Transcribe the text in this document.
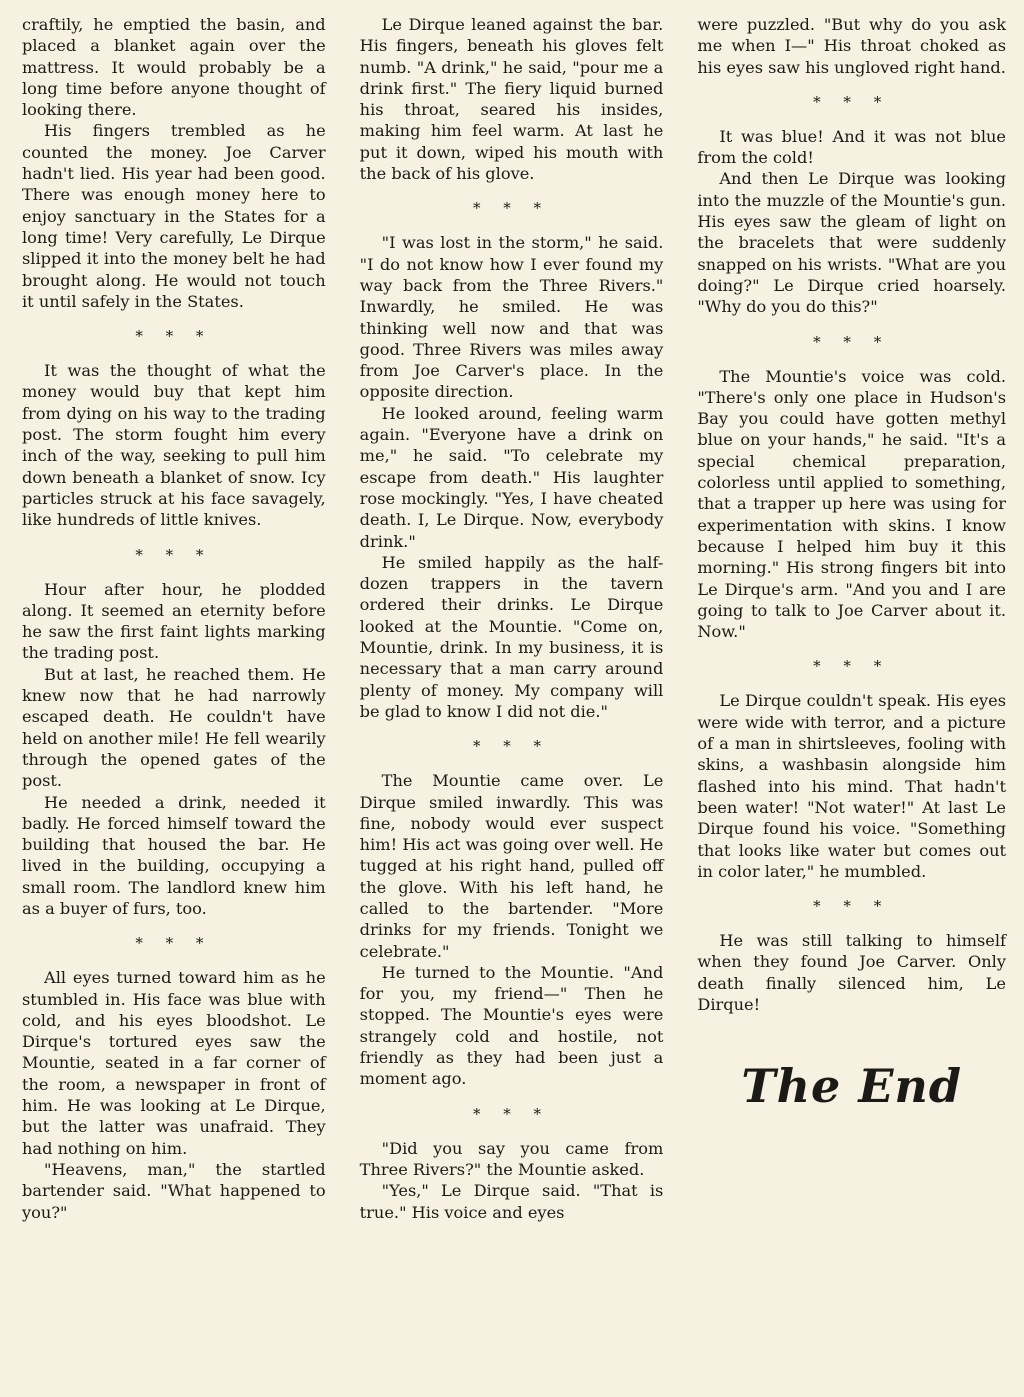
craftily, he emptied the basin, and placed a blanket again over the mattress. It would probably be a long time before anyone thought of looking there.

His fingers trembled as he counted the money. Joe Carver hadn't lied. His year had been good. There was enough money here to enjoy sanctuary in the States for a long time! Very carefully, Le Dirque slipped it into the money belt he had brought along. He would not touch it until safely in the States.

* * *

It was the thought of what the money would buy that kept him from dying on his way to the trading post. The storm fought him every inch of the way, seeking to pull him down beneath a blanket of snow. Icy particles struck at his face savagely, like hundreds of little knives.

* * *

Hour after hour, he plodded along. It seemed an eternity before he saw the first faint lights marking the trading post.

But at last, he reached them. He knew now that he had narrowly escaped death. He couldn't have held on another mile! He fell wearily through the opened gates of the post.

He needed a drink, needed it badly. He forced himself toward the building that housed the bar. He lived in the building, occupying a small room. The landlord knew him as a buyer of furs, too.

* * *

All eyes turned toward him as he stumbled in. His face was blue with cold, and his eyes bloodshot. Le Dirque's tortured eyes saw the Mountie, seated in a far corner of the room, a newspaper in front of him. He was looking at Le Dirque, but the latter was unafraid. They had nothing on him.

"Heavens, man," the startled bartender said. "What happened to you?"

Le Dirque leaned against the bar. His fingers, beneath his gloves felt numb. "A drink," he said, "pour me a drink first." The fiery liquid burned his throat, seared his insides, making him feel warm. At last he put it down, wiped his mouth with the back of his glove.

* * *

"I was lost in the storm," he said. "I do not know how I ever found my way back from the Three Rivers." Inwardly, he smiled. He was thinking well now and that was good. Three Rivers was miles away from Joe Carver's place. In the opposite direction.

He looked around, feeling warm again. "Everyone have a drink on me," he said. "To celebrate my escape from death." His laughter rose mockingly. "Yes, I have cheated death. I, Le Dirque. Now, everybody drink."

He smiled happily as the half-dozen trappers in the tavern ordered their drinks. Le Dirque looked at the Mountie. "Come on, Mountie, drink. In my business, it is necessary that a man carry around plenty of money. My company will be glad to know I did not die."

* * *

The Mountie came over. Le Dirque smiled inwardly. This was fine, nobody would ever suspect him! His act was going over well. He tugged at his right hand, pulled off the glove. With his left hand, he called to the bartender. "More drinks for my friends. Tonight we celebrate."

He turned to the Mountie. "And for you, my friend—" Then he stopped. The Mountie's eyes were strangely cold and hostile, not friendly as they had been just a moment ago.

* * *

"Did you say you came from Three Rivers?" the Mountie asked.

"Yes," Le Dirque said. "That is true." His voice and eyes

were puzzled. "But why do you ask me when I—" His throat choked as his eyes saw his ungloved right hand.

* * *

It was blue! And it was not blue from the cold!

And then Le Dirque was looking into the muzzle of the Mountie's gun. His eyes saw the gleam of light on the bracelets that were suddenly snapped on his wrists. "What are you doing?" Le Dirque cried hoarsely. "Why do you do this?"

* * *

The Mountie's voice was cold. "There's only one place in Hudson's Bay you could have gotten methyl blue on your hands," he said. "It's a special chemical preparation, colorless until applied to something, that a trapper up here was using for experimentation with skins. I know because I helped him buy it this morning." His strong fingers bit into Le Dirque's arm. "And you and I are going to talk to Joe Carver about it. Now."

* * *

Le Dirque couldn't speak. His eyes were wide with terror, and a picture of a man in shirtsleeves, fooling with skins, a washbasin alongside him flashed into his mind. That hadn't been water! "Not water!" At last Le Dirque found his voice. "Something that looks like water but comes out in color later," he mumbled.

* * *

He was still talking to himself when they found Joe Carver. Only death finally silenced him, Le Dirque!

The End
